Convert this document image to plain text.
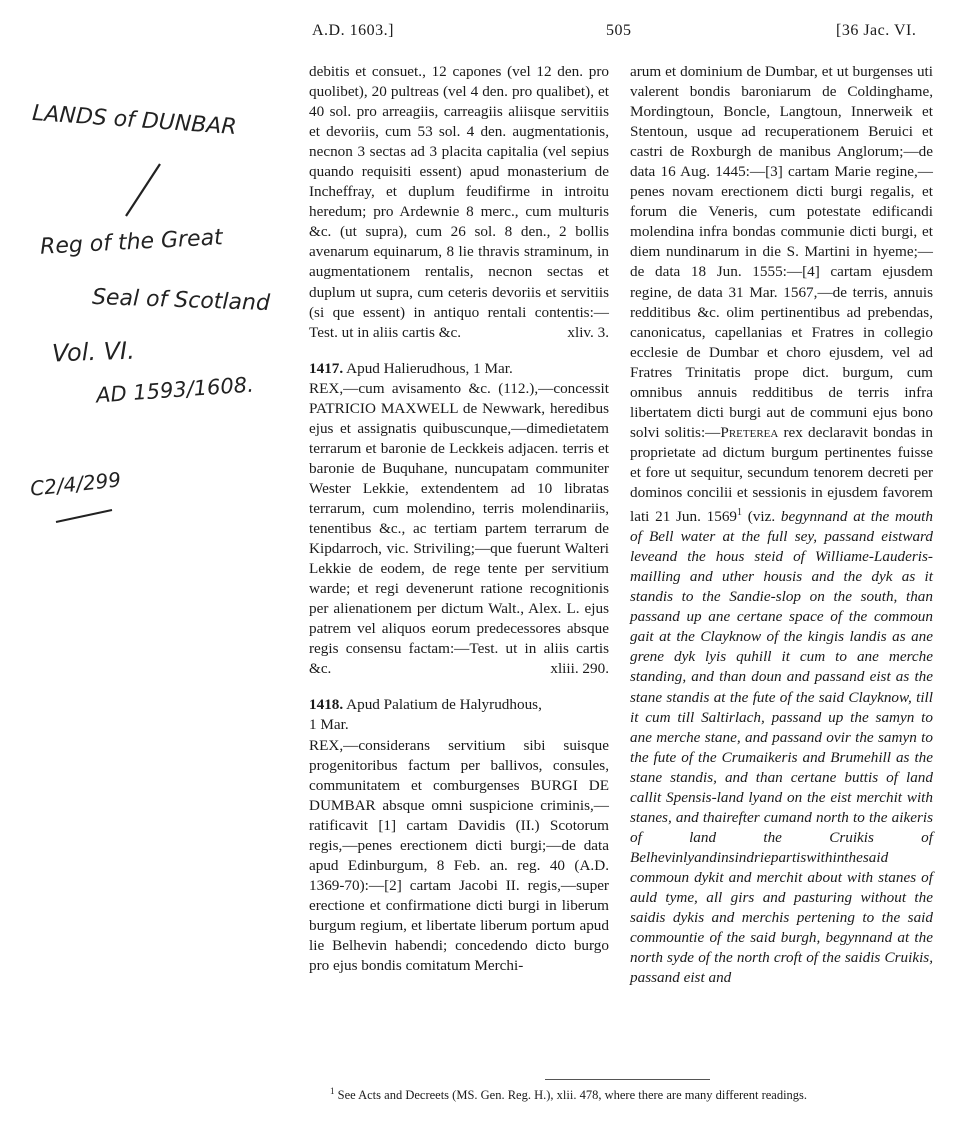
LANDS of DUNBAR
Reg of the Great
Seal of Scotland
Vol. VI.
AD 1593/1608.
C2/4/299
A.D. 1603.]	505	[36 Jac. VI.

debitis et consuet., 12 capones (vel 12 den. pro quolibet), 20 pultreas (vel 4 den. pro qualibet), et 40 sol. pro arreagiis, carreagiis aliisque servitiis et devoriis, cum 53 sol. 4 den. augmentationis, necnon 3 sectas ad 3 placita capitalia (vel sepius quando requisiti essent) apud monasterium de Incheffray, et duplum feudifirme in introitu heredum; pro Ardewnie 8 merc., cum multuris &c. (ut supra), cum 26 sol. 8 den., 2 bollis avenarum equinarum, 8 lie thravis straminum, in augmentationem rentalis, necnon sectas et duplum ut supra, cum ceteris devoriis et servitiis (si que essent) in antiquo rentali contentis:—Test. ut in aliis cartis &c.	xliv. 3.

1417. Apud Halierudhous, 1 Mar.

REX,—cum avisamento &c. (112.),—concessit PATRICIO MAXWELL de Newwark, heredibus ejus et assignatis quibuscunque,—dimedietatem terrarum et baronie de Leckkeis adjacen. terris et baronie de Buquhane, nuncupatam communiter Wester Lekkie, extendentem ad 10 libratas terrarum, cum molendino, terris molendinariis, tenentibus &c., ac tertiam partem terrarum de Kipdarroch, vic. Striviling;—que fuerunt Walteri Lekkie de eodem, de rege tente per servitium warde; et regi devenerunt ratione recognitionis per alienationem per dictum Walt., Alex. L. ejus patrem vel aliquos eorum predecessores absque regis consensu factam:—Test. ut in aliis cartis &c.	xliii. 290.

1418. Apud Palatium de Halyrudhous,

1 Mar.

REX,—considerans servitium sibi suisque progenitoribus factum per ballivos, consules, communitatem et comburgenses BURGI DE DUMBAR absque omni suspicione criminis,—ratificavit [1] cartam Davidis (II.) Scotorum regis,—penes erectionem dicti burgi;—de data apud Edinburgum, 8 Feb. an. reg. 40 (A.D. 1369-70):—[2] cartam Jacobi II. regis,—super erectione et confirmatione dicti burgi in liberum burgum regium, et libertate liberum portum apud lie Belhevin habendi; concedendo dicto burgo pro ejus bondis comitatum Merchi-

arum et dominium de Dumbar, et ut burgenses uti valerent bondis baroniarum de Coldinghame, Mordingtoun, Boncle, Langtoun, Innerweik et Stentoun, usque ad recuperationem Beruici et castri de Roxburgh de manibus Anglorum;—de data 16 Aug. 1445:—[3] cartam Marie regine,—penes novam erectionem dicti burgi regalis, et forum die Veneris, cum potestate edificandi molendina infra bondas communie dicti burgi, et diem nundinarum in die S. Martini in hyeme;—de data 18 Jun. 1555:—[4] cartam ejusdem regine, de data 31 Mar. 1567,—de terris, annuis redditibus &c. olim pertinentibus ad prebendas, canonicatus, capellanias et Fratres in collegio ecclesie de Dumbar et choro ejusdem, vel ad Fratres Trinitatis prope dict. burgum, cum omnibus annuis redditibus de terris infra libertatem dicti burgi aut de communi ejus bono solvi solitis:—Preterea rex declaravit bondas in proprietate ad dictum burgum pertinentes fuisse et fore ut sequitur, secundum tenorem decreti per dominos concilii et sessionis in ejusdem favorem lati 21 Jun. 1569$^1$ (viz. begynnand at the mouth of Bell water at the full sey, passand eistward leveand the hous steid of Williame-Lauderis-mailling and uther housis and the dyk as it standis to the Sandie-slop on the south, than passand up ane certane space of the commoun gait at the Clayknow of the kingis landis as ane grene dyk lyis quhill it cum to ane merche standing, and than doun and passand eist as the stane standis at the fute of the said Clayknow, till it cum till Saltirlach, passand up the samyn to ane merche stane, and passand ovir the samyn to the fute of the Crumaikeris and Brumehill as the stane standis, and than certane buttis of land callit Spensis-land lyand on the eist merchit with stanes, and thairefter cumand north to the aikeris of land the Cruikis of Belhevinlyandinsindriepartiswithinthesaid commoun dykit and merchit about with stanes of auld tyme, all girs and pasturing without the saidis dykis and merchis pertening to the said commountie of the said burgh, begynnand at the north syde of the north croft of the saidis Cruikis, passand eist and

$^1$ See Acts and Decreets (MS. Gen. Reg. H.), xlii. 478, where there are many different readings.
